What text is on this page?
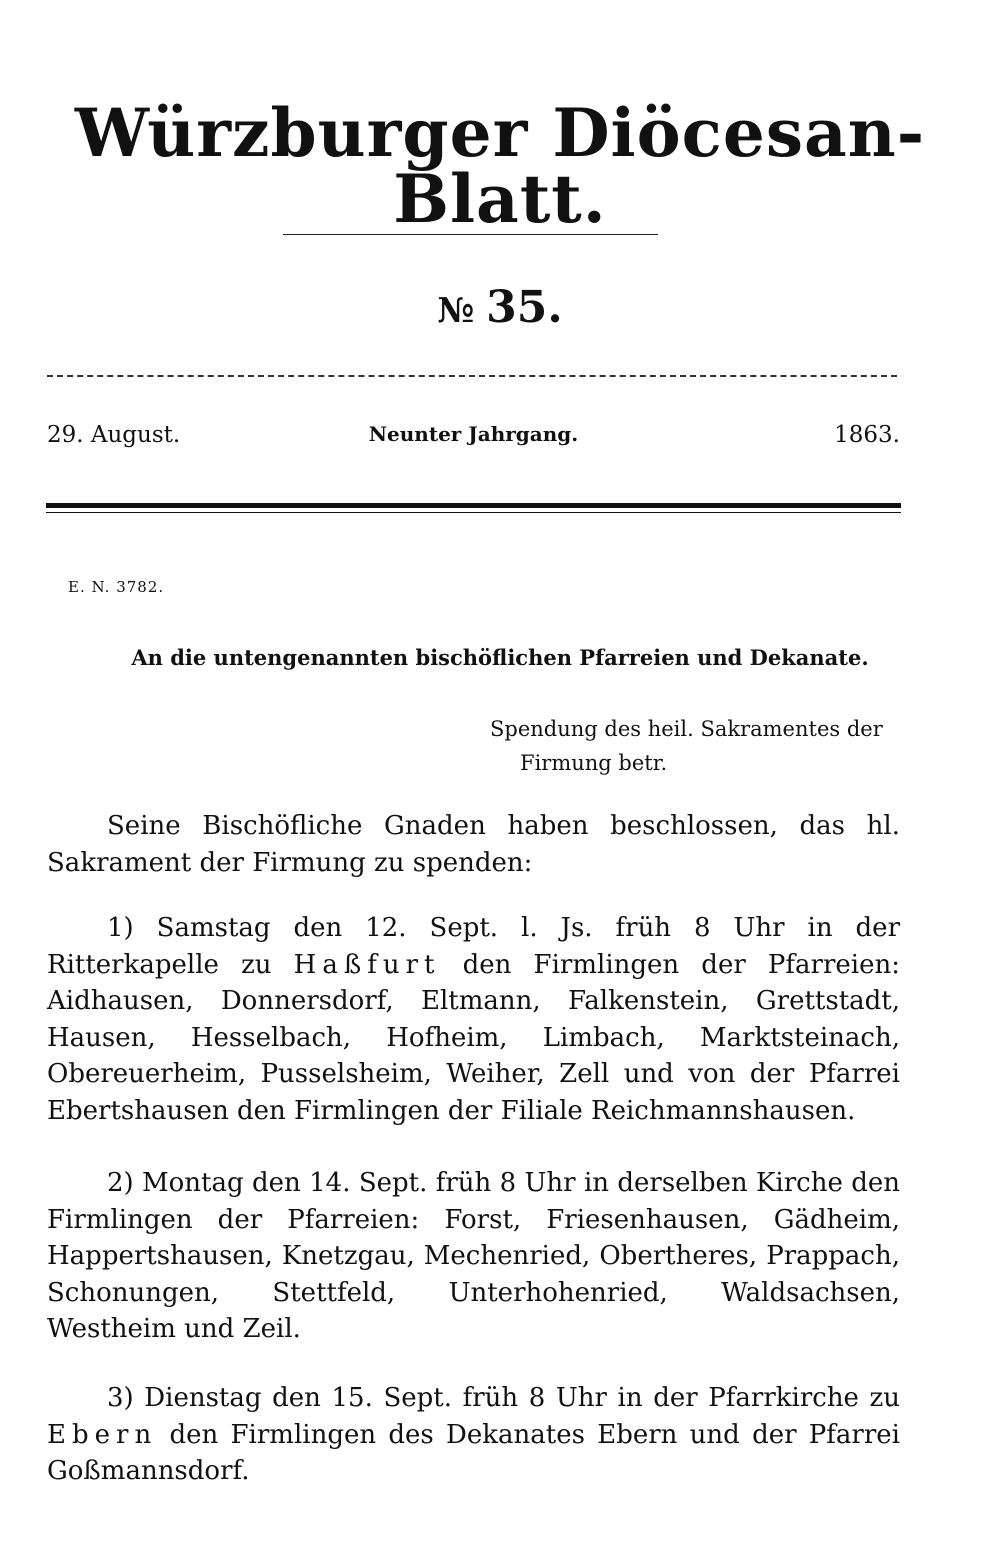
Würzburger Diöcesan-Blatt.
№ 35.
29. August.	Neunter Jahrgang.	1863.
E. N. 3782.
An die untengenannten bischöflichen Pfarreien und Dekanate.
Spendung des heil. Sakramentes der
Firmung betr.
Seine Bischöfliche Gnaden haben beschlossen, das hl. Sakrament der Firmung zu spenden:
1) Samstag den 12. Sept. l. Js. früh 8 Uhr in der Ritterkapelle zu Haßfurt den Firmlingen der Pfarreien: Aidhausen, Donnersdorf, Eltmann, Falkenstein, Grettstadt, Hausen, Hesselbach, Hofheim, Limbach, Marktsteinach, Obereuerheim, Pusselsheim, Weiher, Zell und von der Pfarrei Ebertshausen den Firmlingen der Filiale Reichmannshausen.
2) Montag den 14. Sept. früh 8 Uhr in derselben Kirche den Firmlingen der Pfarreien: Forst, Friesenhausen, Gädheim, Happertshausen, Knetzgau, Mechenried, Obertheres, Prappach, Schonungen, Stettfeld, Unterhohenried, Waldsachsen, Westheim und Zeil.
3) Dienstag den 15. Sept. früh 8 Uhr in der Pfarrkirche zu Ebern den Firmlingen des Dekanates Ebern und der Pfarrei Goßmannsdorf.
